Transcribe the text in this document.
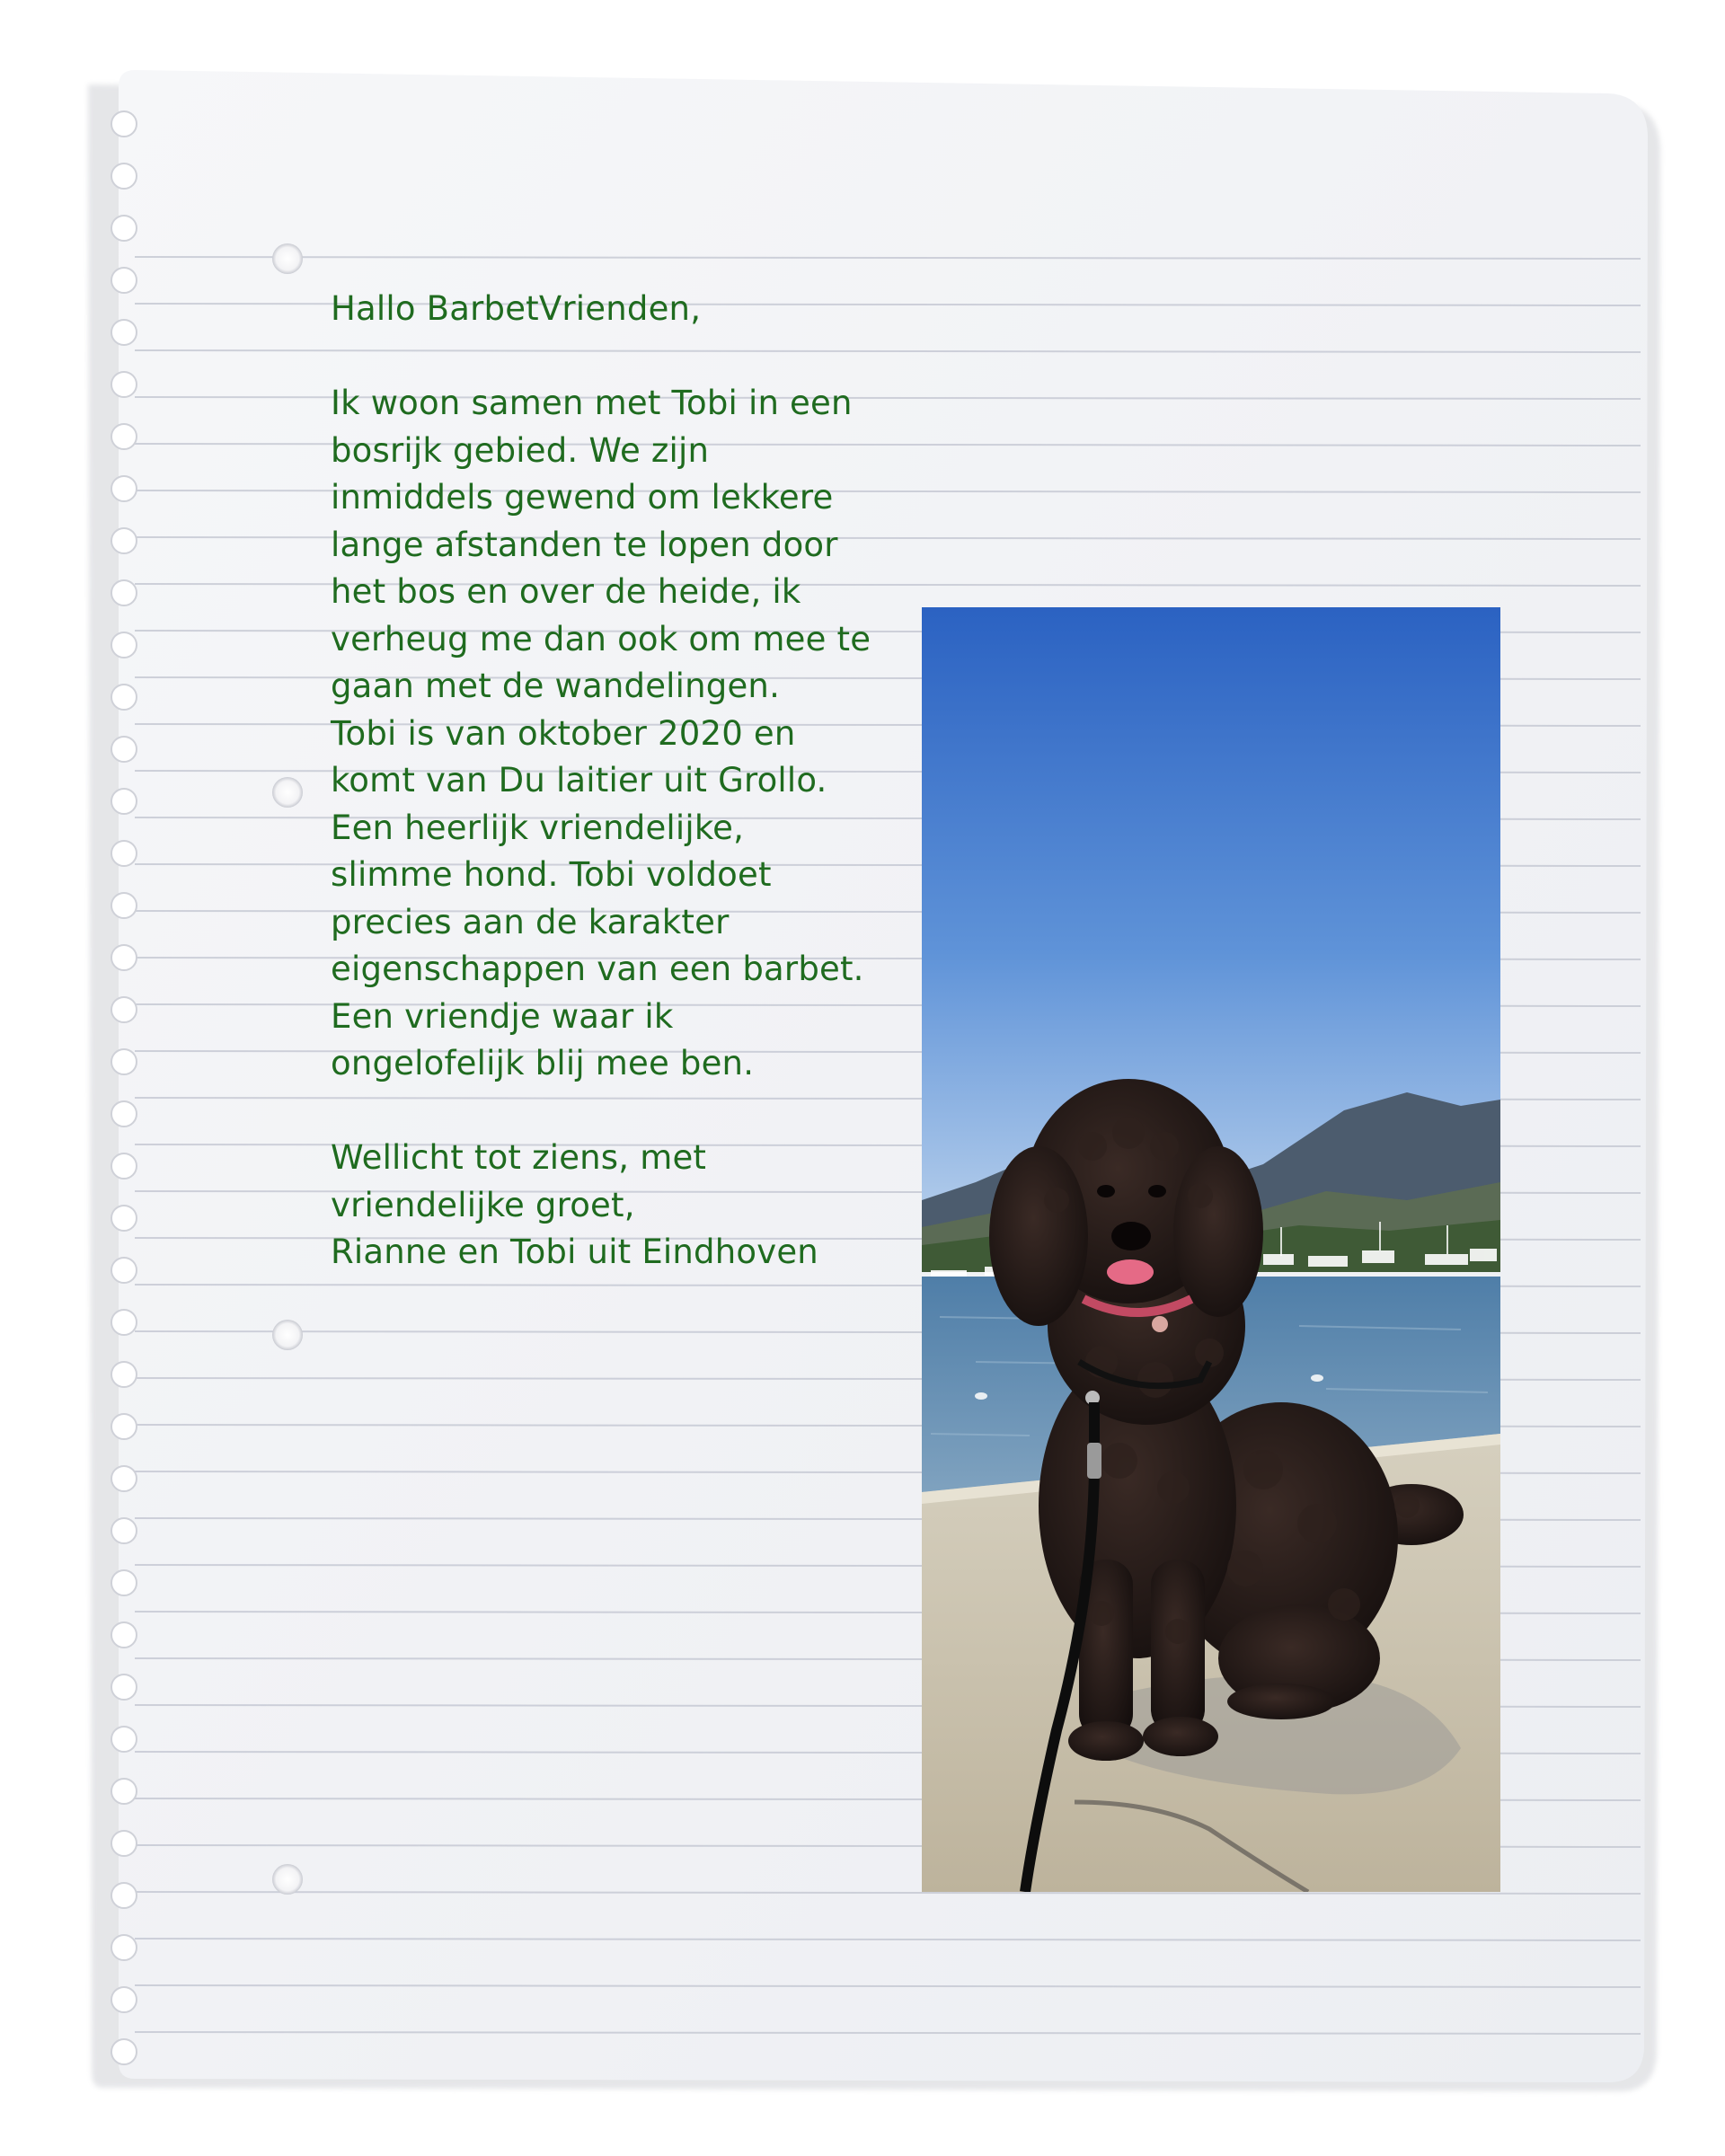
Hallo BarbetVrienden,
Ik woon samen met Tobi in een
bosrijk gebied. We zijn
inmiddels gewend om lekkere
lange afstanden te lopen door
het bos en over de heide, ik
verheug me dan ook om mee te
gaan met de wandelingen.
Tobi is van oktober 2020 en
komt van Du laitier uit Grollo.
Een heerlijk vriendelijke,
slimme hond. Tobi voldoet
precies aan de karakter
eigenschappen van een barbet.
Een vriendje waar ik
ongelofelijk blij mee ben.
Wellicht tot ziens, met
vriendelijke groet,
Rianne en Tobi uit Eindhoven
